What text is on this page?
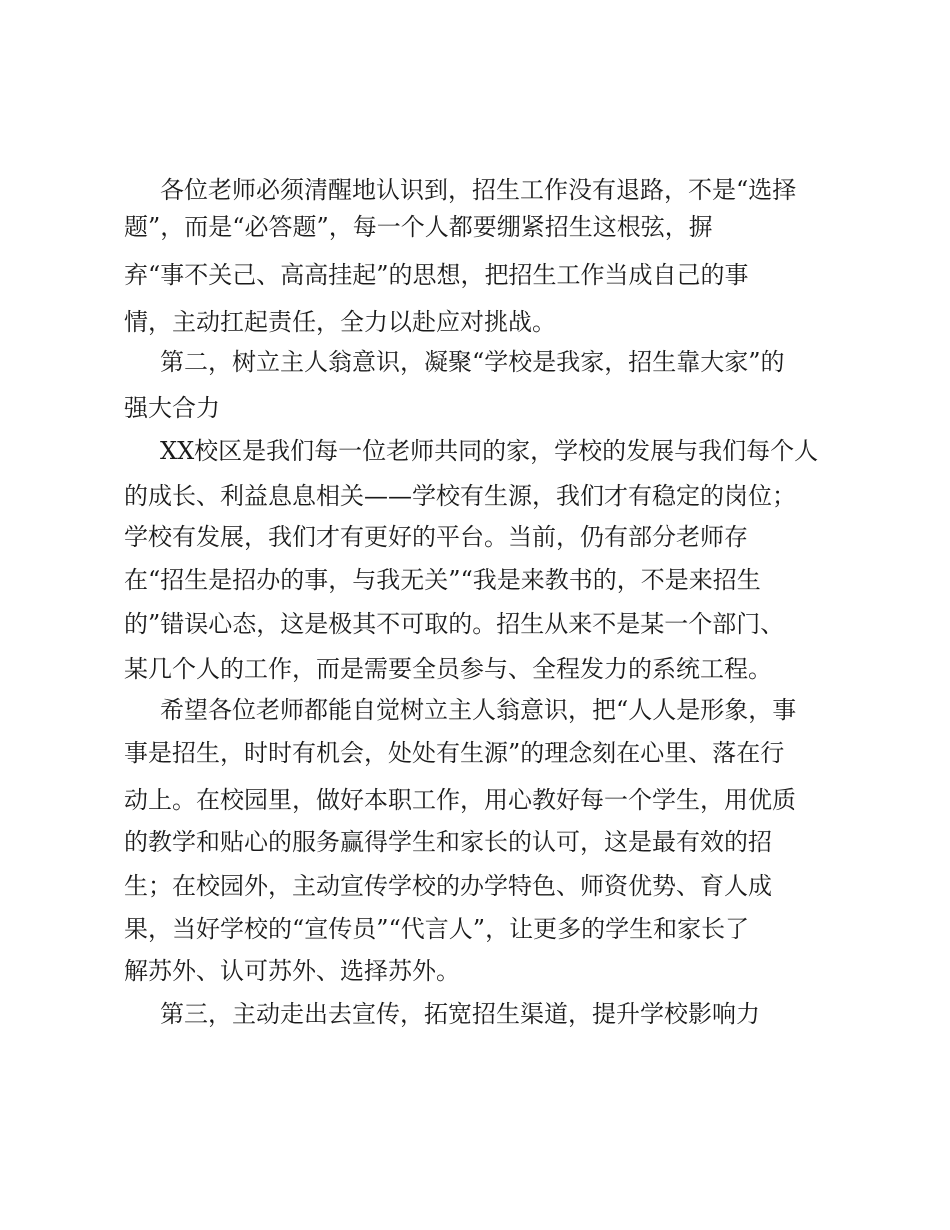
各位老师必须清醒地认识到，招生工作没有退路，不是“选择
题”，而是“必答题”，每一个人都要绷紧招生这根弦，摒
弃“事不关己、高高挂起”的思想，把招生工作当成自己的事
情，主动扛起责任，全力以赴应对挑战。
第二，树立主人翁意识，凝聚“学校是我家，招生靠大家”的
强大合力
XX校区是我们每一位老师共同的家，学校的发展与我们每个人
的成长、利益息息相关——学校有生源，我们才有稳定的岗位；
学校有发展，我们才有更好的平台。当前，仍有部分老师存
在“招生是招办的事，与我无关”“我是来教书的，不是来招生
的”错误心态，这是极其不可取的。招生从来不是某一个部门、
某几个人的工作，而是需要全员参与、全程发力的系统工程。
希望各位老师都能自觉树立主人翁意识，把“人人是形象，事
事是招生，时时有机会，处处有生源”的理念刻在心里、落在行
动上。在校园里，做好本职工作，用心教好每一个学生，用优质
的教学和贴心的服务赢得学生和家长的认可，这是最有效的招
生；在校园外，主动宣传学校的办学特色、师资优势、育人成
果，当好学校的“宣传员”“代言人”，让更多的学生和家长了
解苏外、认可苏外、选择苏外。
第三，主动走出去宣传，拓宽招生渠道，提升学校影响力
